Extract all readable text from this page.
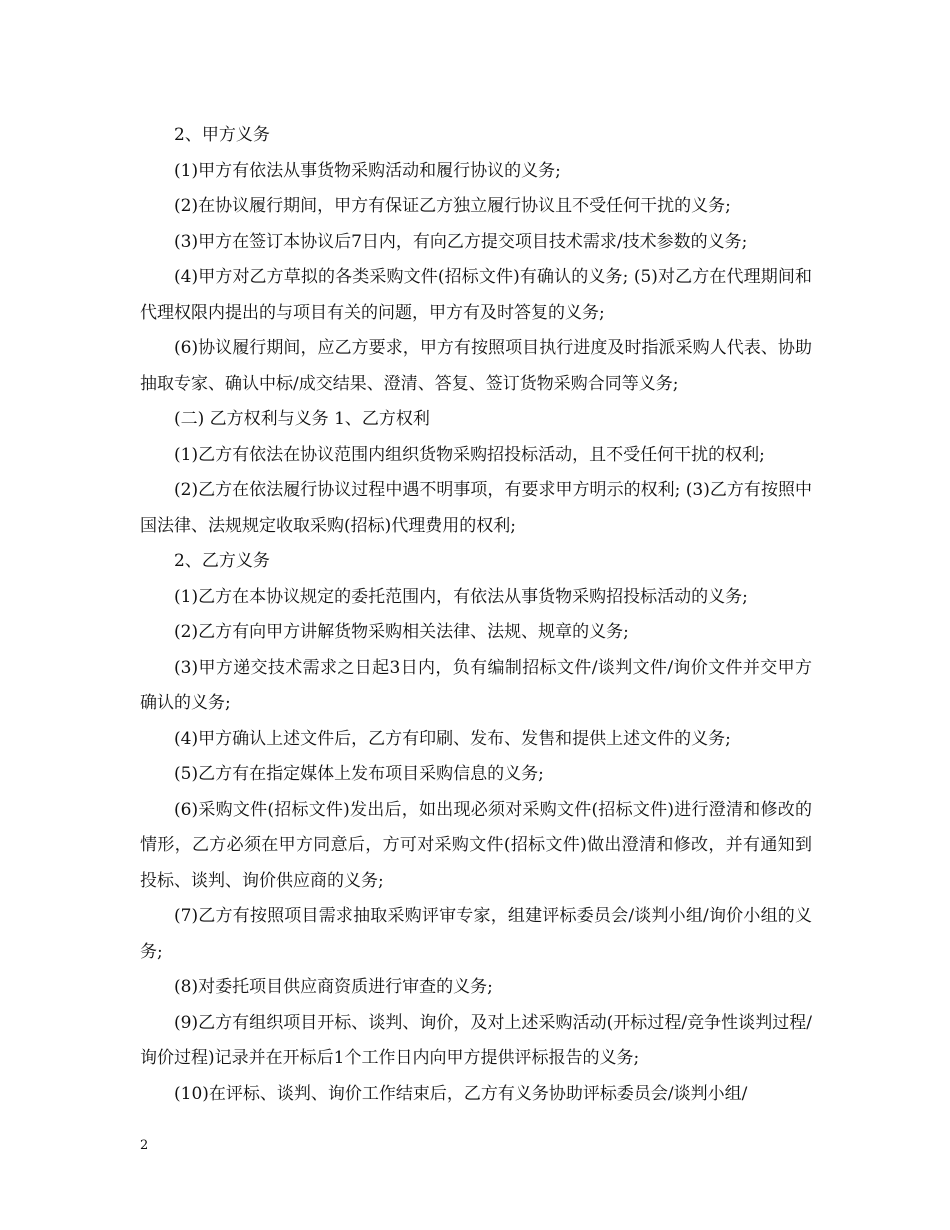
2、甲方义务

(1)甲方有依法从事货物采购活动和履行协议的义务;

(2)在协议履行期间，甲方有保证乙方独立履行协议且不受任何干扰的义务;

(3)甲方在签订本协议后7日内，有向乙方提交项目技术需求/技术参数的义务;

(4)甲方对乙方草拟的各类采购文件(招标文件)有确认的义务; (5)对乙方在代理期间和代理权限内提出的与项目有关的问题，甲方有及时答复的义务;

(6)协议履行期间，应乙方要求，甲方有按照项目执行进度及时指派采购人代表、协助抽取专家、确认中标/成交结果、澄清、答复、签订货物采购合同等义务;

(二) 乙方权利与义务 1、乙方权利

(1)乙方有依法在协议范围内组织货物采购招投标活动，且不受任何干扰的权利;

(2)乙方在依法履行协议过程中遇不明事项，有要求甲方明示的权利; (3)乙方有按照中国法律、法规规定收取采购(招标)代理费用的权利;

2、乙方义务

(1)乙方在本协议规定的委托范围内，有依法从事货物采购招投标活动的义务;

(2)乙方有向甲方讲解货物采购相关法律、法规、规章的义务;

(3)甲方递交技术需求之日起3日内，负有编制招标文件/谈判文件/询价文件并交甲方确认的义务;

(4)甲方确认上述文件后，乙方有印刷、发布、发售和提供上述文件的义务;

(5)乙方有在指定媒体上发布项目采购信息的义务;

(6)采购文件(招标文件)发出后，如出现必须对采购文件(招标文件)进行澄清和修改的情形，乙方必须在甲方同意后，方可对采购文件(招标文件)做出澄清和修改，并有通知到投标、谈判、询价供应商的义务;

(7)乙方有按照项目需求抽取采购评审专家，组建评标委员会/谈判小组/询价小组的义务;

(8)对委托项目供应商资质进行审查的义务;

(9)乙方有组织项目开标、谈判、询价，及对上述采购活动(开标过程/竞争性谈判过程/询价过程)记录并在开标后1个工作日内向甲方提供评标报告的义务;

(10)在评标、谈判、询价工作结束后，乙方有义务协助评标委员会/谈判小组/

2
